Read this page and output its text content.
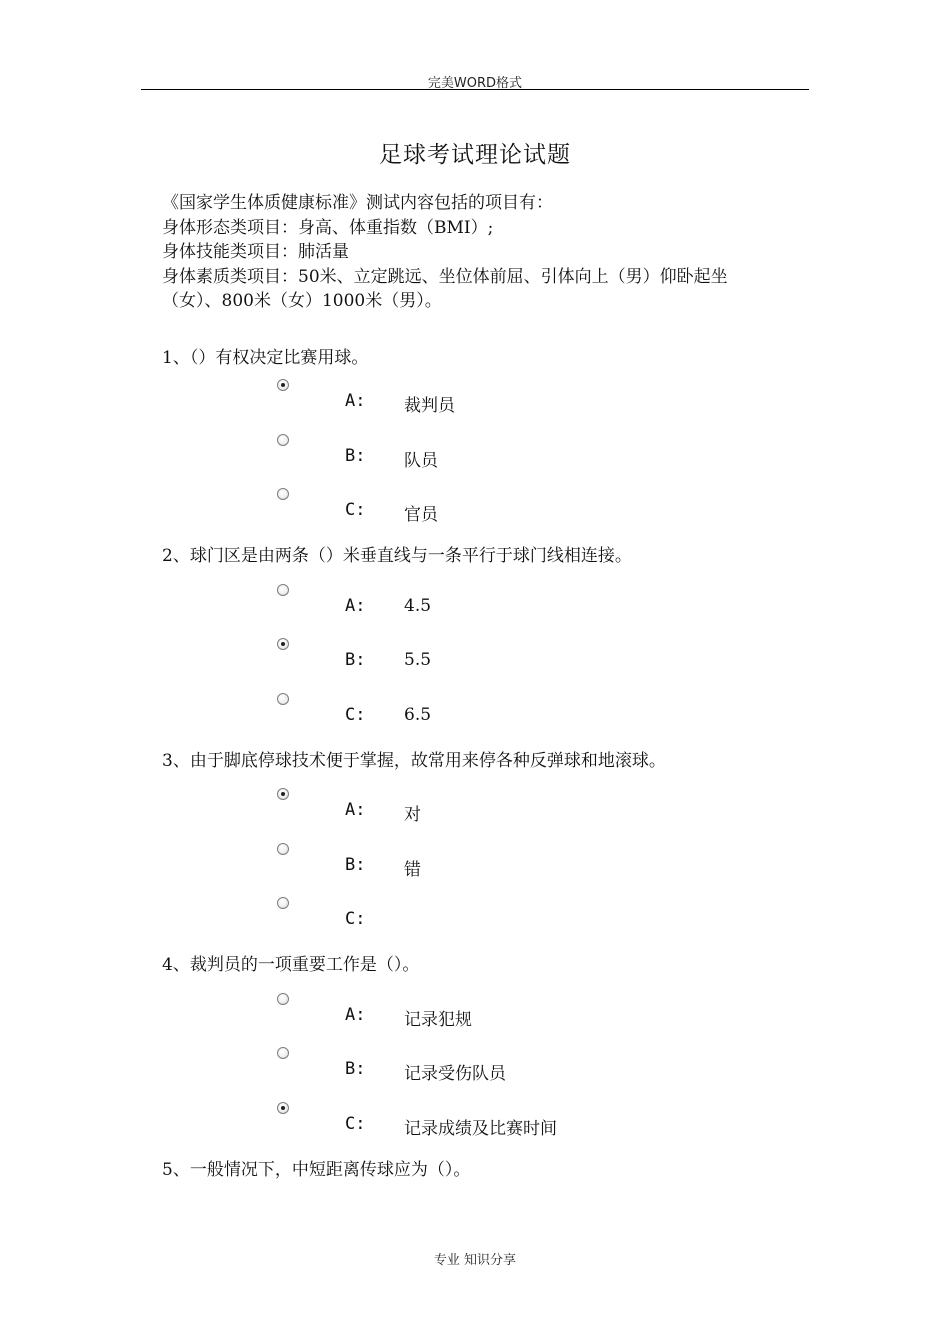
完美WORD格式
足球考试理论试题
《国家学生体质健康标准》测试内容包括的项目有：
身体形态类项目：身高、体重指数（BMI）;
身体技能类项目：肺活量
身体素质类项目：50米、立定跳远、坐位体前屈、引体向上（男）仰卧起坐
（女）、800米（女）1000米（男）。
1、（）有权决定比赛用球。
A: 裁判员
B: 队员
C: 官员
2、球门区是由两条（）米垂直线与一条平行于球门线相连接。
A: 4.5
B: 5.5
C: 6.5
3、由于脚底停球技术便于掌握，故常用来停各种反弹球和地滚球。
A: 对
B: 错
C:
4、裁判员的一项重要工作是（）。
A: 记录犯规
B: 记录受伤队员
C: 记录成绩及比赛时间
5、一般情况下，中短距离传球应为（）。
专业 知识分享
